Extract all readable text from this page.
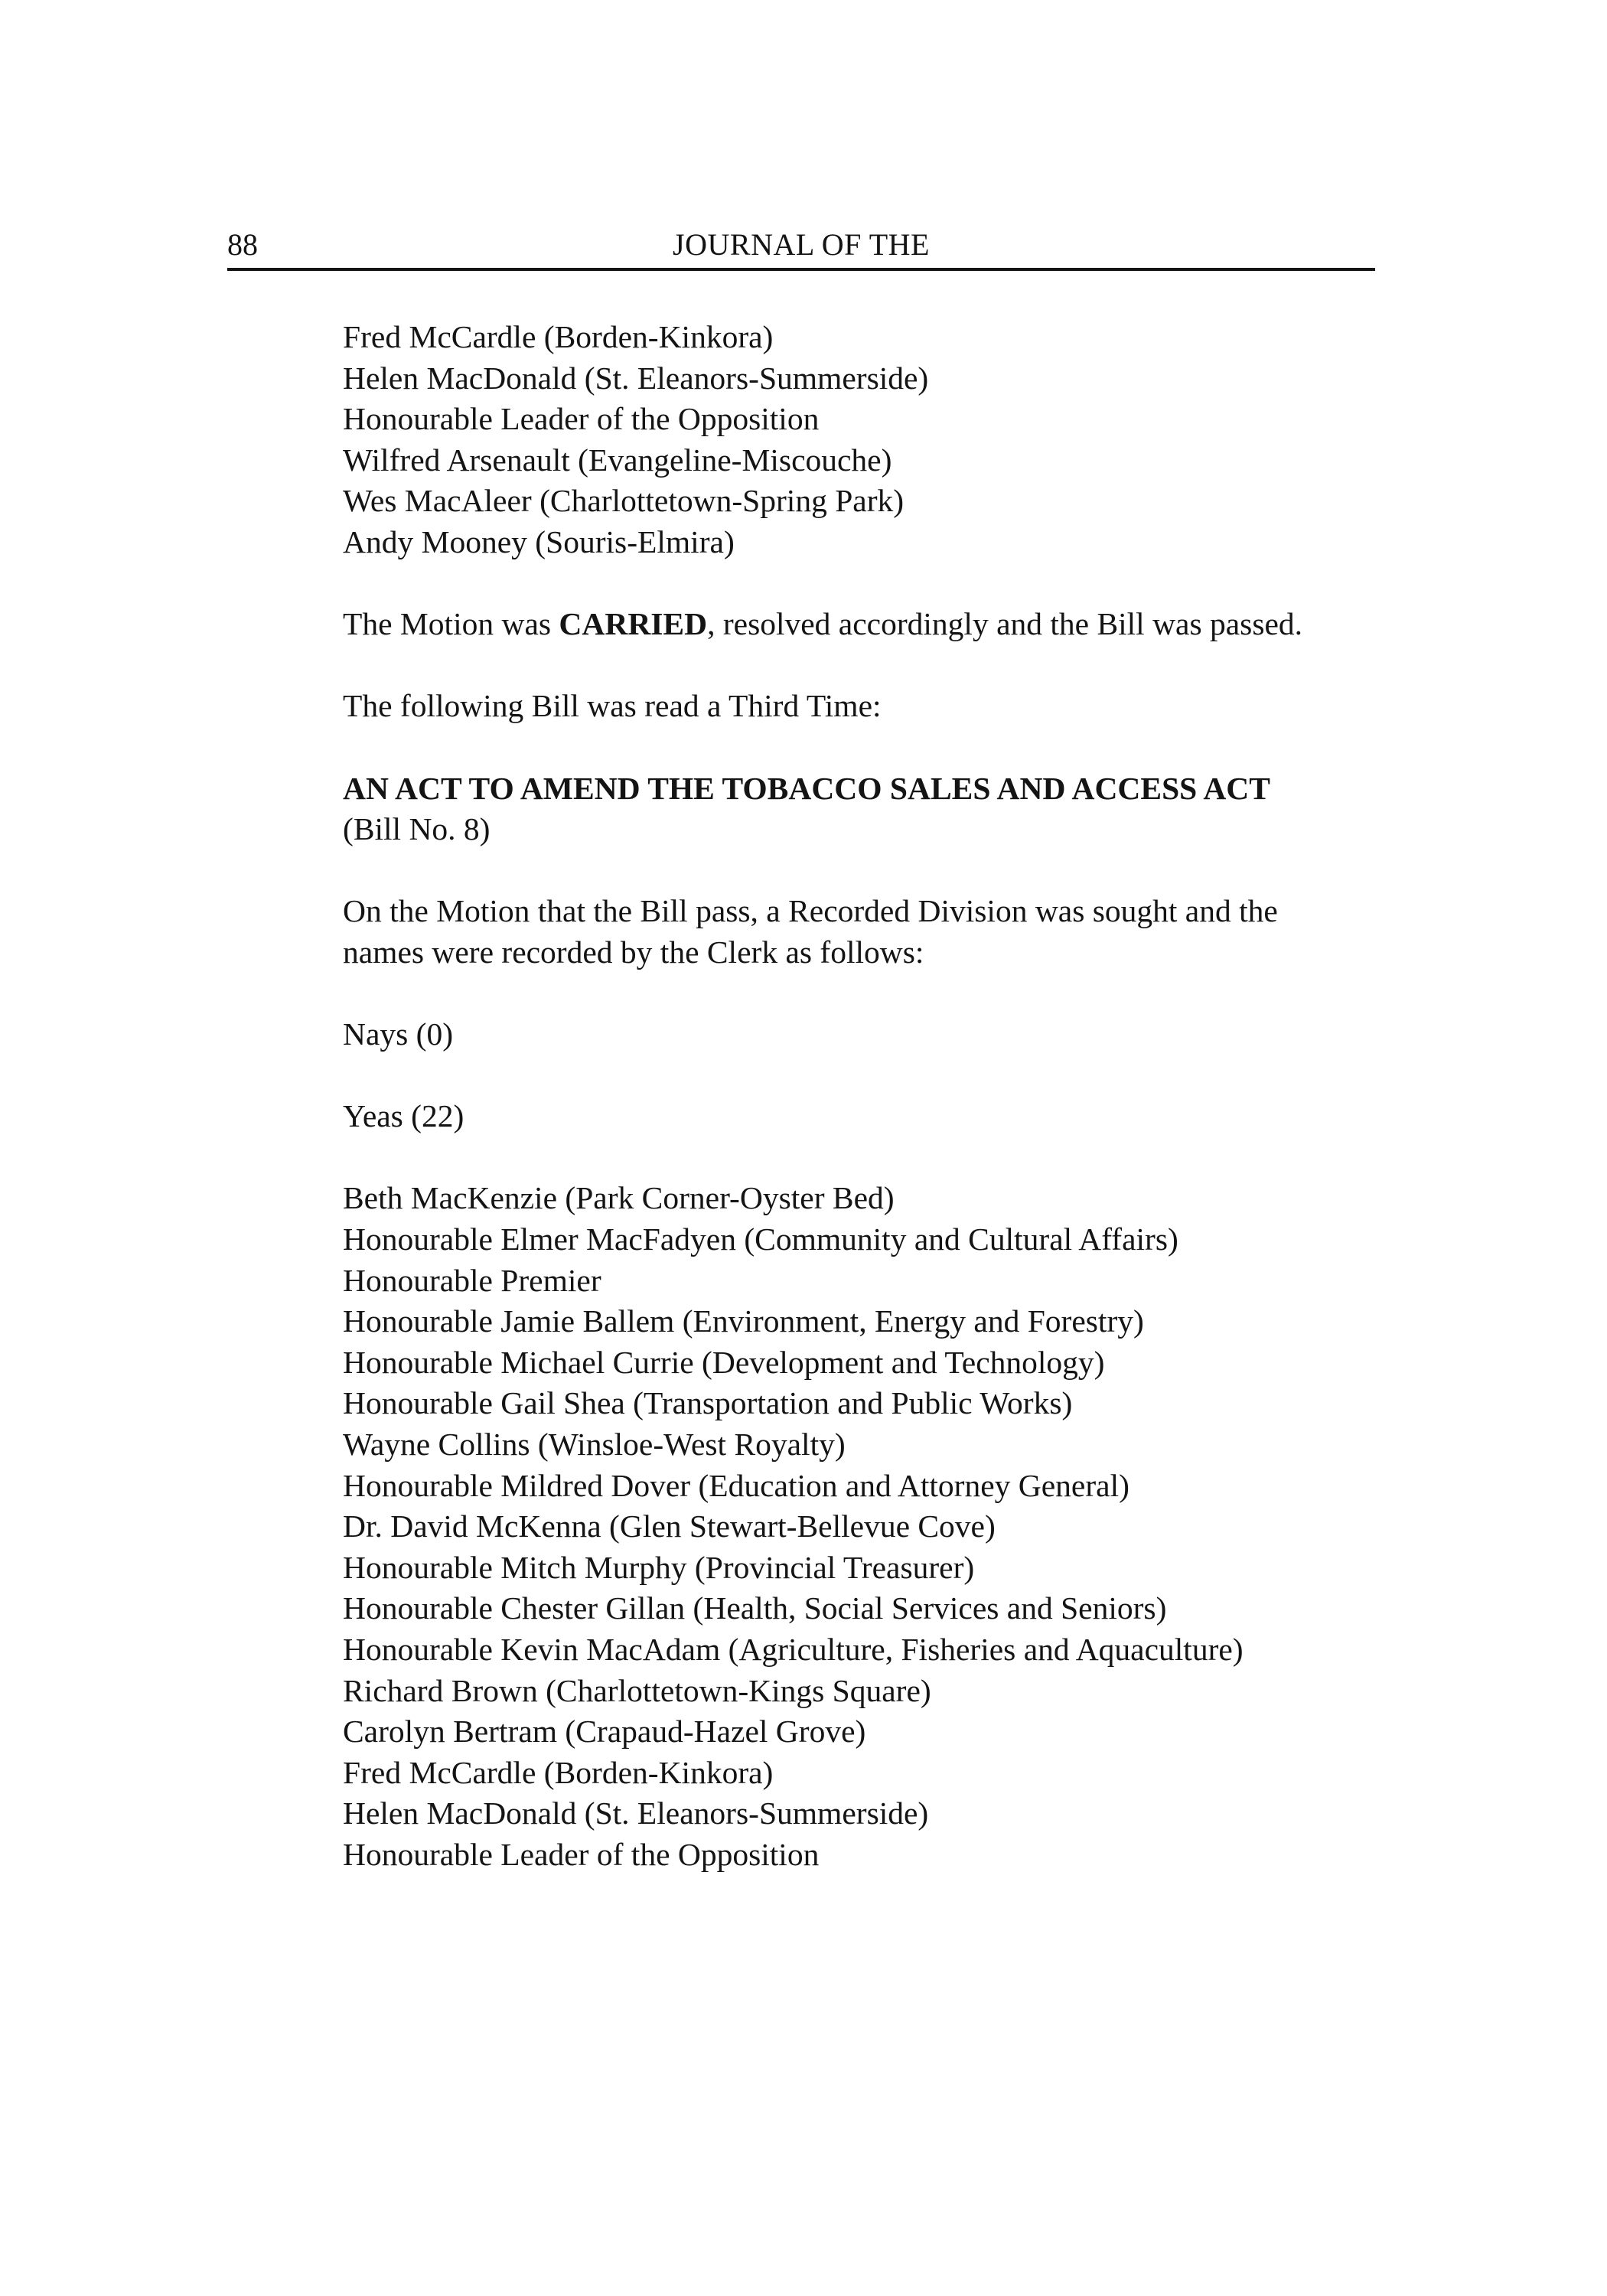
88	JOURNAL OF THE
Fred McCardle (Borden-Kinkora)
Helen MacDonald (St. Eleanors-Summerside)
Honourable Leader of the Opposition
Wilfred Arsenault (Evangeline-Miscouche)
Wes MacAleer (Charlottetown-Spring Park)
Andy Mooney (Souris-Elmira)
The Motion was CARRIED, resolved accordingly and the Bill was passed.
The following Bill was read a Third Time:
AN ACT TO AMEND THE TOBACCO SALES AND ACCESS ACT
(Bill No. 8)
On the Motion that the Bill pass, a Recorded Division was sought and the
names were recorded by the Clerk as follows:
Nays (0)
Yeas (22)
Beth MacKenzie (Park Corner-Oyster Bed)
Honourable Elmer MacFadyen (Community and Cultural Affairs)
Honourable Premier
Honourable Jamie Ballem (Environment, Energy and Forestry)
Honourable Michael Currie (Development and Technology)
Honourable Gail Shea (Transportation and Public Works)
Wayne Collins (Winsloe-West Royalty)
Honourable Mildred Dover (Education and Attorney General)
Dr. David McKenna (Glen Stewart-Bellevue Cove)
Honourable Mitch Murphy (Provincial Treasurer)
Honourable Chester Gillan (Health, Social Services and Seniors)
Honourable Kevin MacAdam (Agriculture, Fisheries and Aquaculture)
Richard Brown (Charlottetown-Kings Square)
Carolyn Bertram (Crapaud-Hazel Grove)
Fred McCardle (Borden-Kinkora)
Helen MacDonald (St. Eleanors-Summerside)
Honourable Leader of the Opposition
